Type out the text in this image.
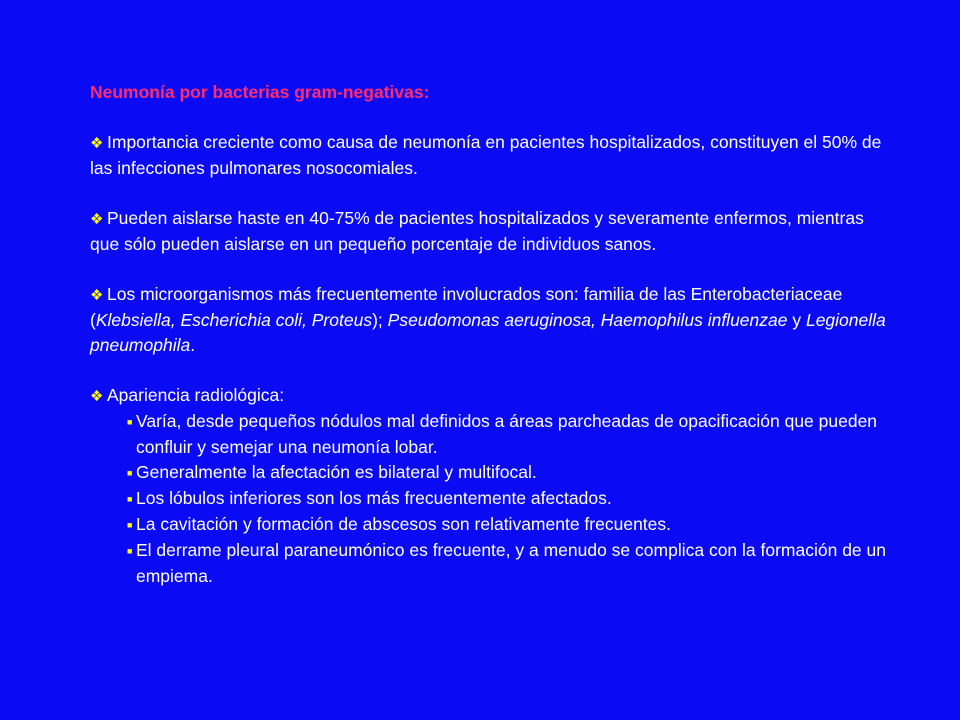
Neumonía por bacterias gram-negativas:
❖ Importancia creciente como causa de neumonía en pacientes hospitalizados, constituyen el 50% de las infecciones pulmonares nosocomiales.
❖ Pueden aislarse haste en 40-75% de pacientes hospitalizados y severamente enfermos, mientras que sólo pueden aislarse en un pequeño porcentaje de individuos sanos.
❖ Los microorganismos más frecuentemente involucrados son: familia de las Enterobacteriaceae (Klebsiella, Escherichia coli, Proteus); Pseudomonas aeruginosa, Haemophilus influenzae y Legionella pneumophila.
❖ Apariencia radiológica:
■ Varía, desde pequeños nódulos mal definidos a áreas parcheadas de opacificación que pueden confluir y semejar una neumonía lobar.
■ Generalmente la afectación es bilateral y multifocal.
■ Los lóbulos inferiores son los más frecuentemente afectados.
■ La cavitación y formación de abscesos son relativamente frecuentes.
■ El derrame pleural paraneumónico es frecuente, y a menudo se complica con la formación de un empiema.
